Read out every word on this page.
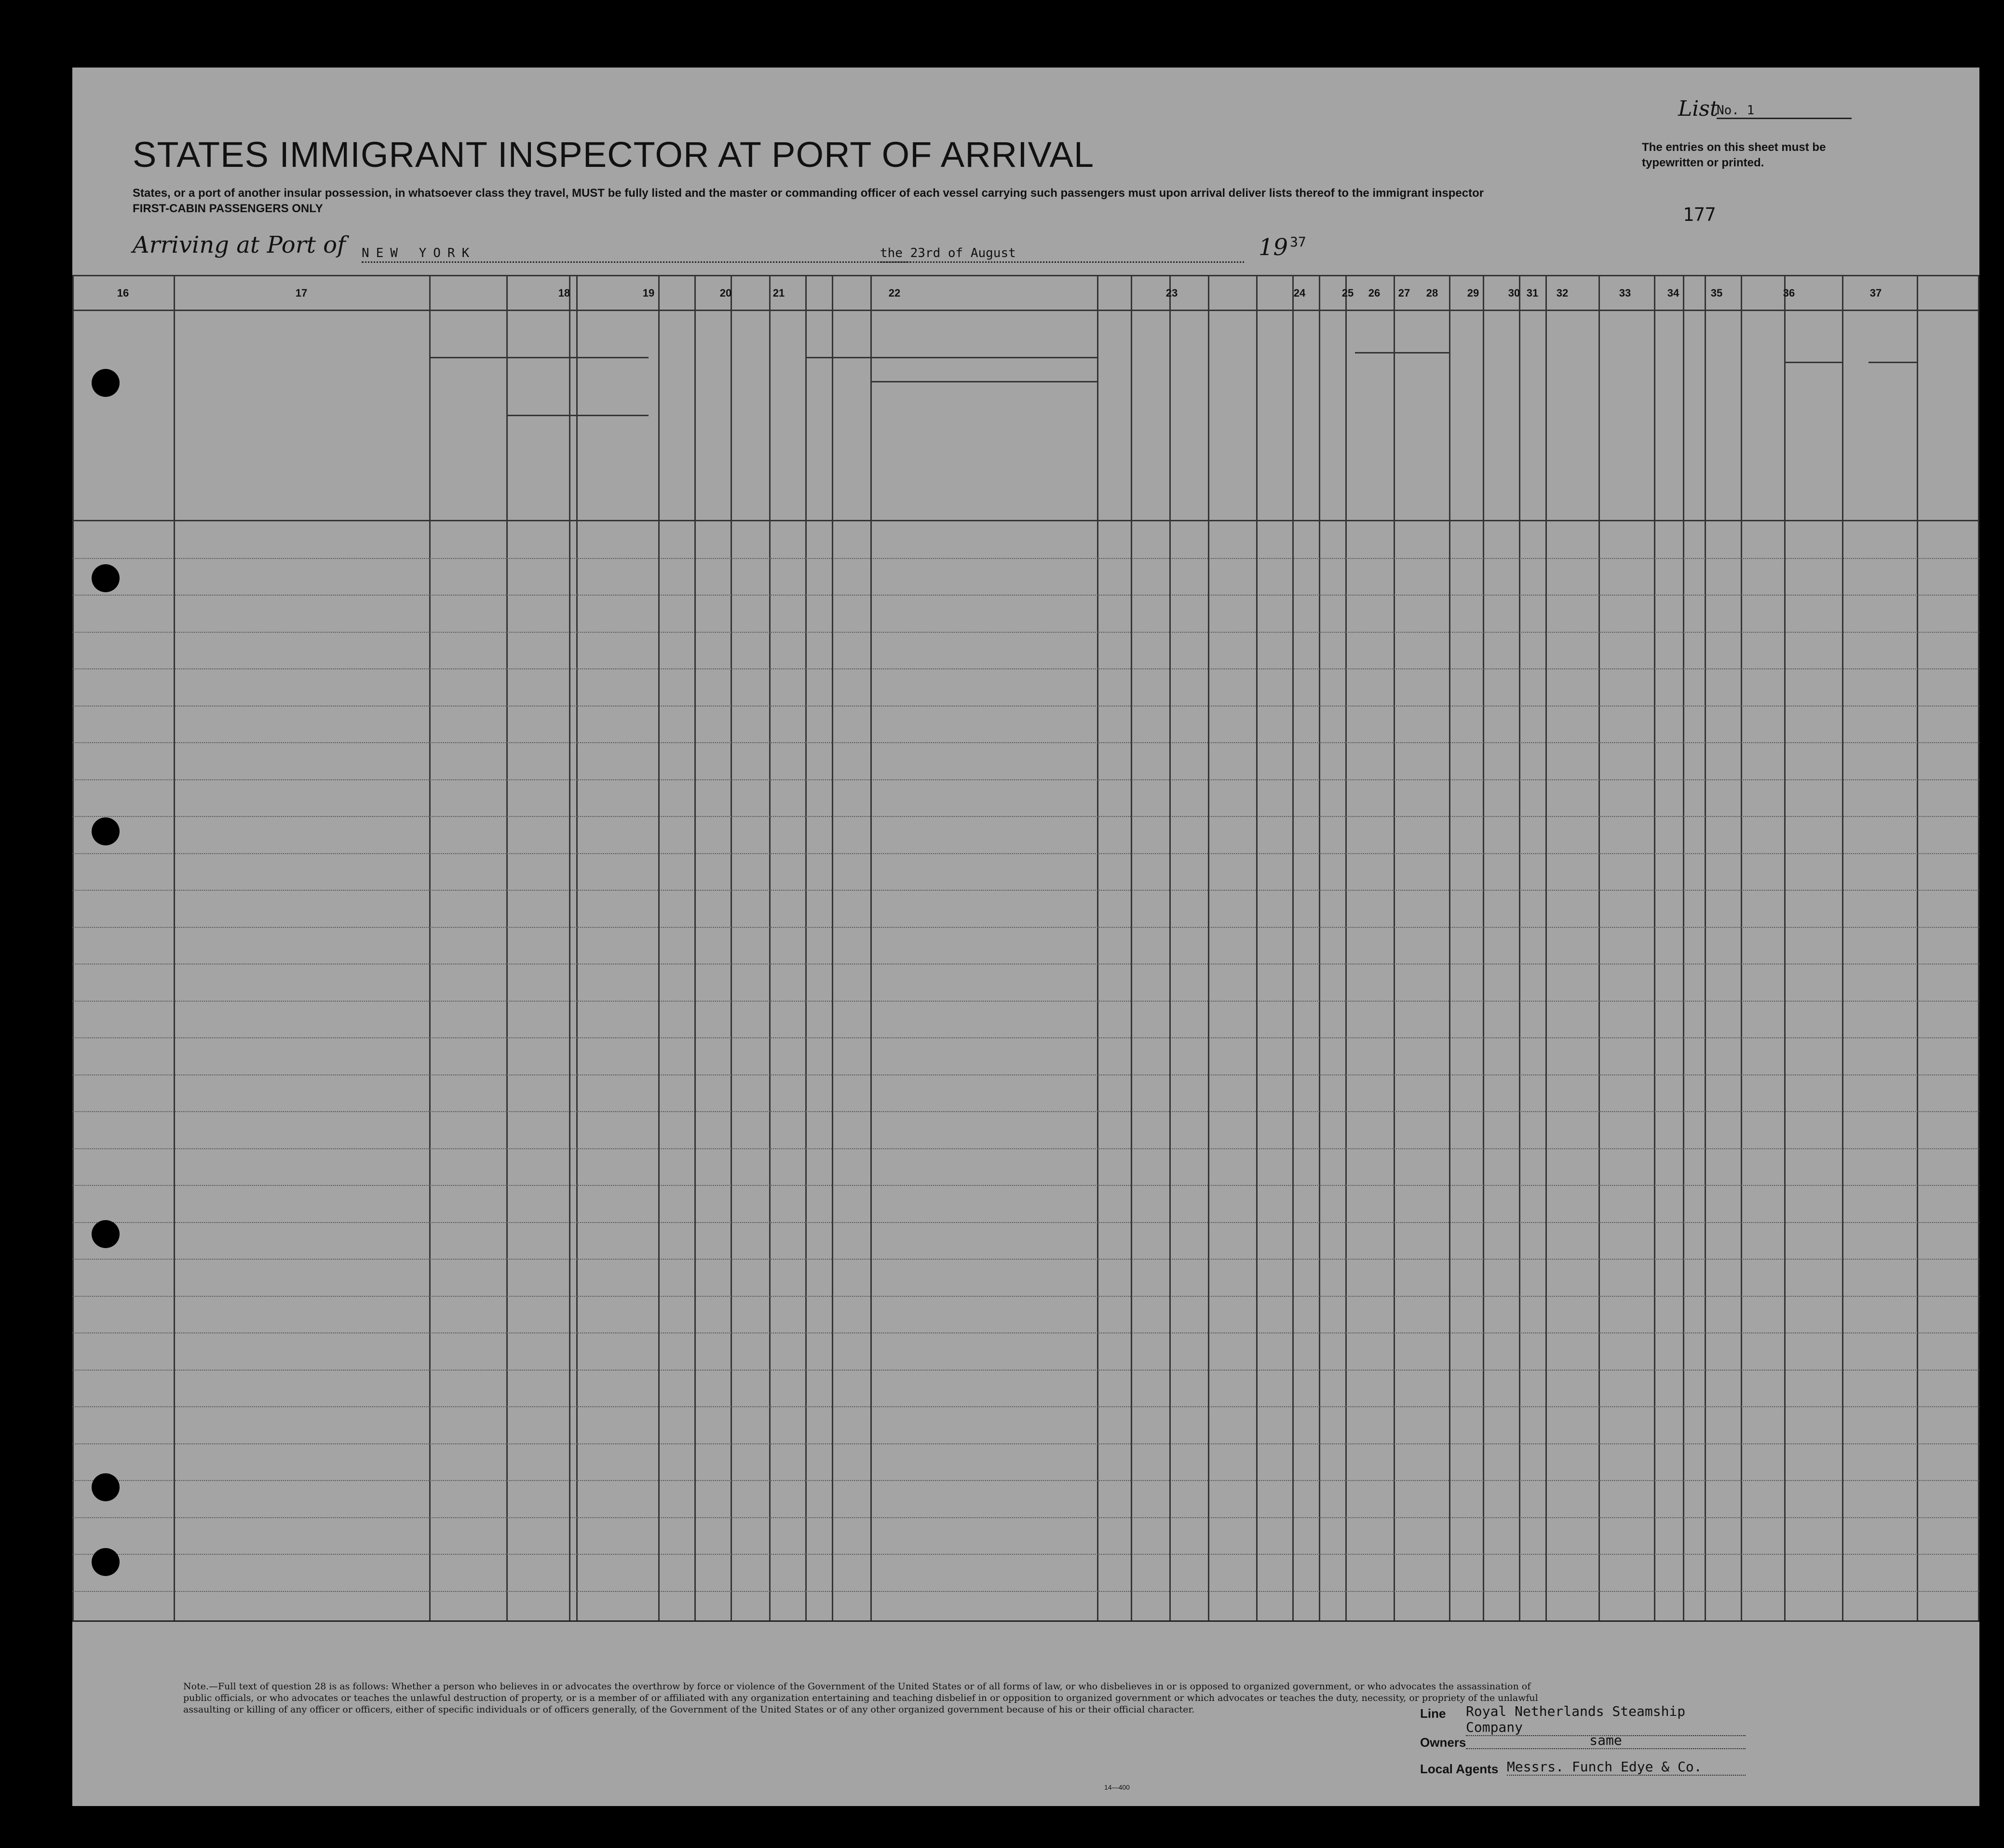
STATES IMMIGRANT INSPECTOR AT PORT OF ARRIVAL
States, or a port of another insular possession, in whatsoever class they travel, MUST be fully listed and the master or commanding officer of each vessel carrying such passengers must upon arrival deliver lists thereof to the immigrant inspector
FIRST-CABIN PASSENGERS ONLY
List
No. 1
The entries on this sheet must be typewritten or printed.
177
Arriving at Port of NEW YORK	the 23rd of August	19 37
16	17	18	19	20	21	22	23	24	25	26	27	28	29	30 31	32	33	34	35	36	37
Note.—Full text of question 28 is as follows: Whether a person who believes in or advocates the overthrow by force or violence of the Government of the United States or of all forms of law, or who disbelieves in or is opposed to organized government, or who advocates the assassination of public officials, or who advocates or teaches the unlawful destruction of property, or is a member of or affiliated with any organization entertaining and teaching disbelief in or opposition to organized government or which advocates or teaches the duty, necessity, or propriety of the unlawful assaulting or killing of any officer or officers, either of specific individuals or of officers generally, of the Government of the United States or of any other organized government because of his or their official character.
14—400
Line Royal Netherlands Steamship Company
Owners	same
Local Agents Messrs. Funch Edye & Co.
